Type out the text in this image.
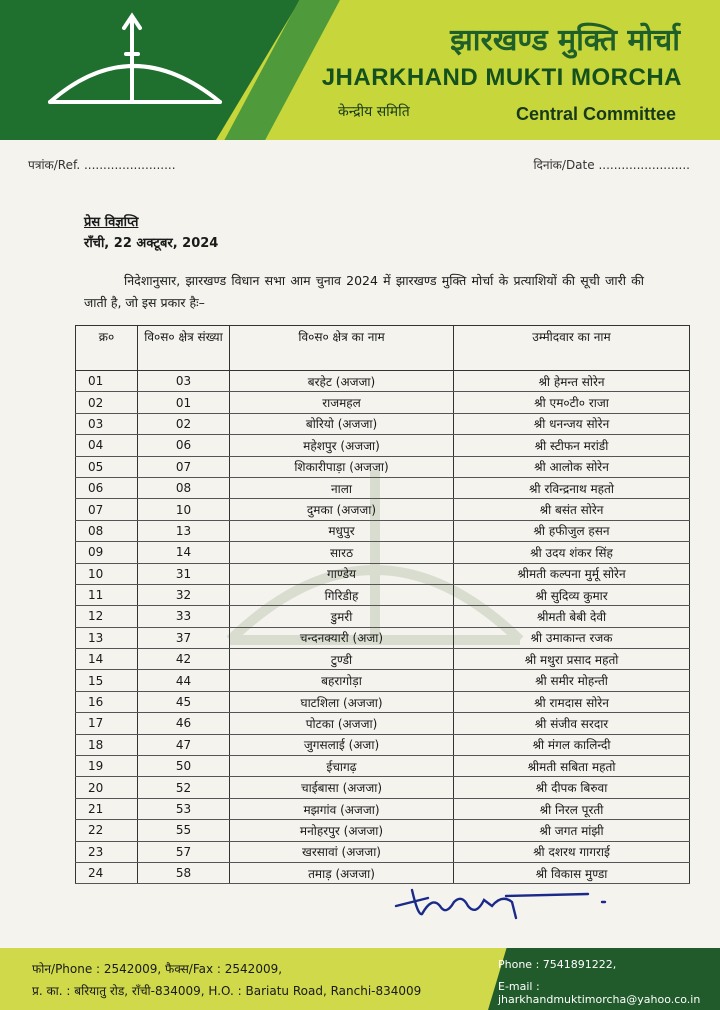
झारखण्ड मुक्ति मोर्चा
JHARKHAND MUKTI MORCHA
केन्द्रीय समिति	Central Committee
पत्रांक/Ref. ........................	दिनांक/Date ........................
प्रेस विज्ञप्ति
राँची, 22 अक्टूबर, 2024
निदेशानुसार, झारखण्ड विधान सभा आम चुनाव 2024 में झारखण्ड मुक्ति मोर्चा के प्रत्याशियों की सूची जारी की जाती है, जो इस प्रकार हैः–
क्र०	वि०स० क्षेत्र संख्या	वि०स० क्षेत्र का नाम	उम्मीदवार का नाम
01	03	बरहेट (अजजा)	श्री हेमन्त सोरेन
02	01	राजमहल	श्री एम०टी० राजा
03	02	बोरियो (अजजा)	श्री धनन्जय सोरेन
04	06	महेशपुर (अजजा)	श्री स्टीफन मरांडी
05	07	शिकारीपाड़ा (अजजा)	श्री आलोक सोरेन
06	08	नाला	श्री रविन्द्रनाथ महतो
07	10	दुमका (अजजा)	श्री बसंत सोरेन
08	13	मधुपुर	श्री हफीजुल हसन
09	14	सारठ	श्री उदय शंकर सिंह
10	31	गाण्डेय	श्रीमती कल्पना मुर्मू सोरेन
11	32	गिरिडीह	श्री सुदिव्य कुमार
12	33	डुमरी	श्रीमती बेबी देवी
13	37	चन्दनक्यारी (अजा)	श्री उमाकान्त रजक
14	42	टुण्डी	श्री मथुरा प्रसाद महतो
15	44	बहरागोड़ा	श्री समीर मोहन्ती
16	45	घाटशिला (अजजा)	श्री रामदास सोरेन
17	46	पोटका (अजजा)	श्री संजीव सरदार
18	47	जुगसलाई (अजा)	श्री मंगल कालिन्दी
19	50	ईचागढ़	श्रीमती सबिता महतो
20	52	चाईबासा (अजजा)	श्री दीपक बिरुवा
21	53	मझगांव (अजजा)	श्री निरल पूरती
22	55	मनोहरपुर (अजजा)	श्री जगत मांझी
23	57	खरसावां (अजजा)	श्री दशरथ गागराई
24	58	तमाड़ (अजजा)	श्री विकास मुण्डा
फोन/Phone : 2542009, फैक्स/Fax : 2542009,
प्र. का. : बरियातु रोड, राँची-834009, H.O. : Bariatu Road, Ranchi-834009
Phone : 7541891222,
E-mail : jharkhandmuktimorcha@yahoo.co.in
